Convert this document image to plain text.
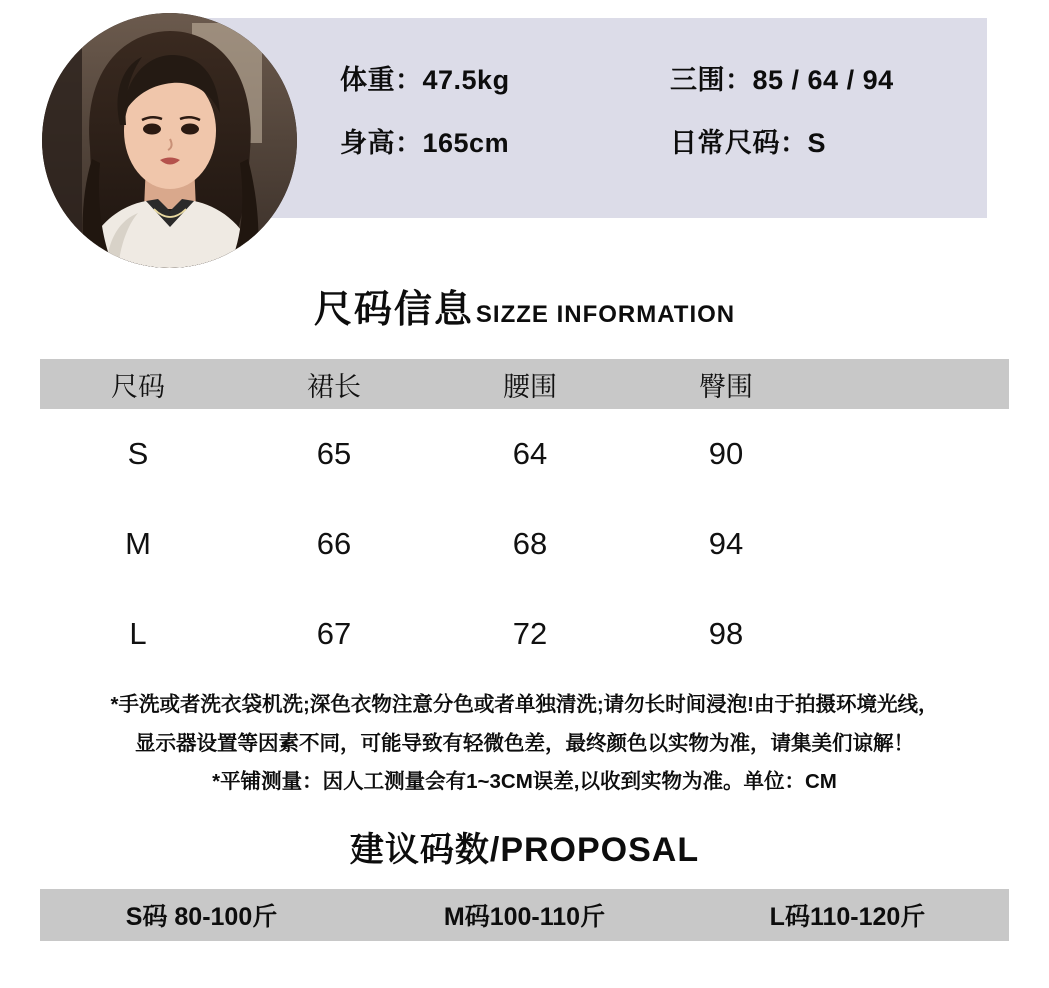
体重：47.5kg	三围：85 / 64 / 94
身高：165cm	日常尺码：S
尺码信息SIZZE INFORMATION
尺码	裙长	腰围	臀围	
S	65	64	90	
M	66	68	94	
L	67	72	98	

*手洗或者洗衣袋机洗;深色衣物注意分色或者单独清洗;请勿长时间浸泡!由于拍摄环境光线，

显示器设置等因素不同，可能导致有轻微色差，最终颜色以实物为准，请集美们谅解！

*平铺测量：因人工测量会有1~3CM误差,以收到实物为准。单位：CM

建议码数/PROPOSAL
S码 80-100斤	M码100-110斤	L码110-120斤
